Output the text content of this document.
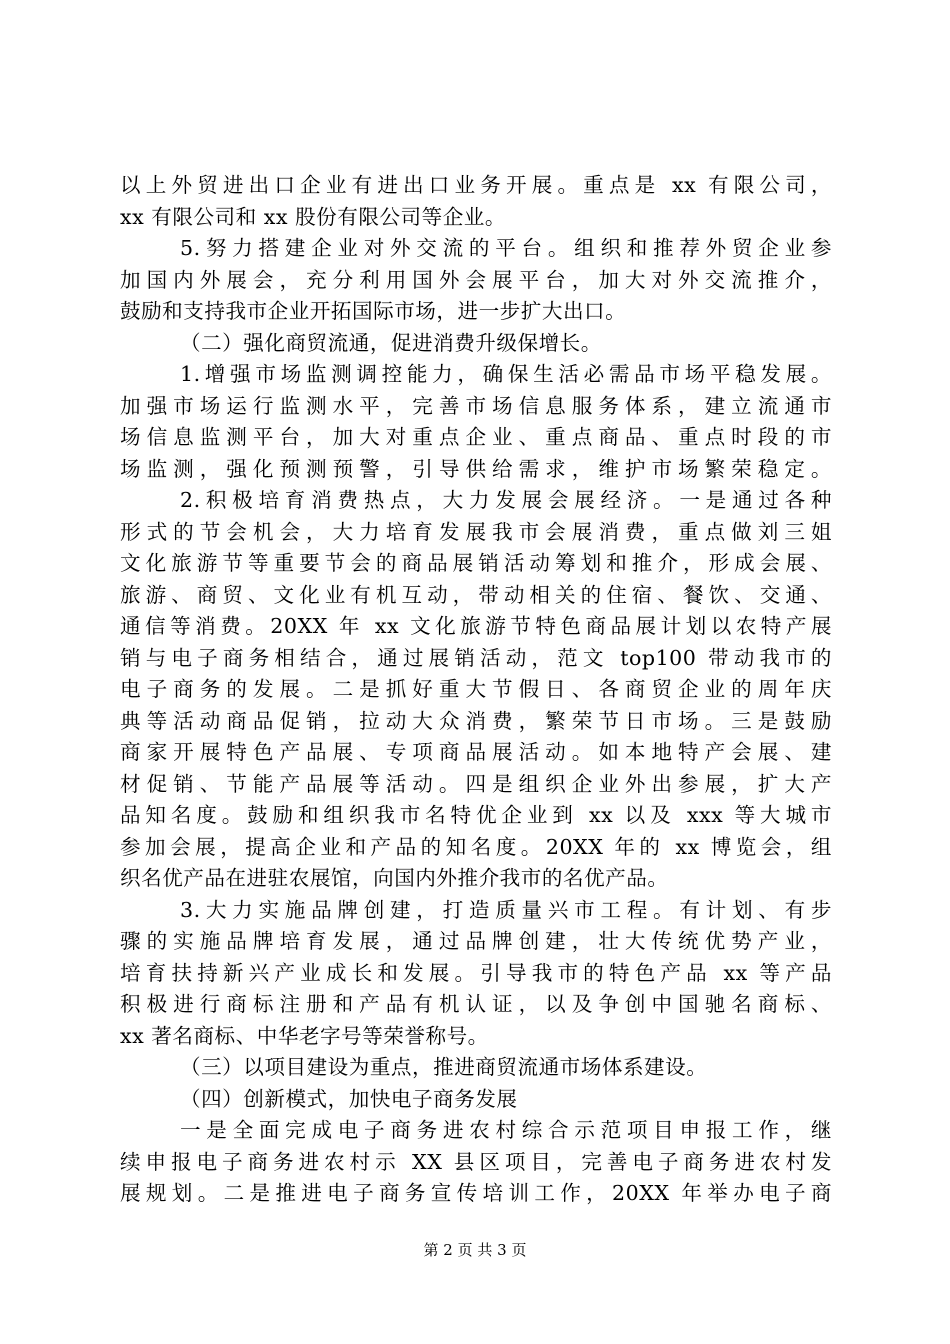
以上外贸进出口企业有进出口业务开展。重点是 xx 有限公司，
xx 有限公司和 xx 股份有限公司等企业。
5.努力搭建企业对外交流的平台。组织和推荐外贸企业参
加国内外展会，充分利用国外会展平台，加大对外交流推介，
鼓励和支持我市企业开拓国际市场，进一步扩大出口。
（二）强化商贸流通，促进消费升级保增长。
1.增强市场监测调控能力，确保生活必需品市场平稳发展。
加强市场运行监测水平，完善市场信息服务体系，建立流通市
场信息监测平台，加大对重点企业、重点商品、重点时段的市
场监测，强化预测预警，引导供给需求，维护市场繁荣稳定。
2.积极培育消费热点，大力发展会展经济。一是通过各种
形式的节会机会，大力培育发展我市会展消费，重点做刘三姐
文化旅游节等重要节会的商品展销活动筹划和推介，形成会展、
旅游、商贸、文化业有机互动，带动相关的住宿、餐饮、交通、
通信等消费。20XX 年 xx 文化旅游节特色商品展计划以农特产展
销与电子商务相结合，通过展销活动，范文 top100 带动我市的
电子商务的发展。二是抓好重大节假日、各商贸企业的周年庆
典等活动商品促销，拉动大众消费，繁荣节日市场。三是鼓励
商家开展特色产品展、专项商品展活动。如本地特产会展、建
材促销、节能产品展等活动。四是组织企业外出参展，扩大产
品知名度。鼓励和组织我市名特优企业到 xx 以及 xxx 等大城市
参加会展，提高企业和产品的知名度。20XX 年的 xx 博览会，组
织名优产品在进驻农展馆，向国内外推介我市的名优产品。
3.大力实施品牌创建，打造质量兴市工程。有计划、有步
骤的实施品牌培育发展，通过品牌创建，壮大传统优势产业，
培育扶持新兴产业成长和发展。引导我市的特色产品 xx 等产品
积极进行商标注册和产品有机认证，以及争创中国驰名商标、
xx 著名商标、中华老字号等荣誉称号。
（三）以项目建设为重点，推进商贸流通市场体系建设。
（四）创新模式，加快电子商务发展
一是全面完成电子商务进农村综合示范项目申报工作，继
续申报电子商务进农村示 XX 县区项目，完善电子商务进农村发
展规划。二是推进电子商务宣传培训工作，20XX 年举办电子商
第 2 页 共 3 页
